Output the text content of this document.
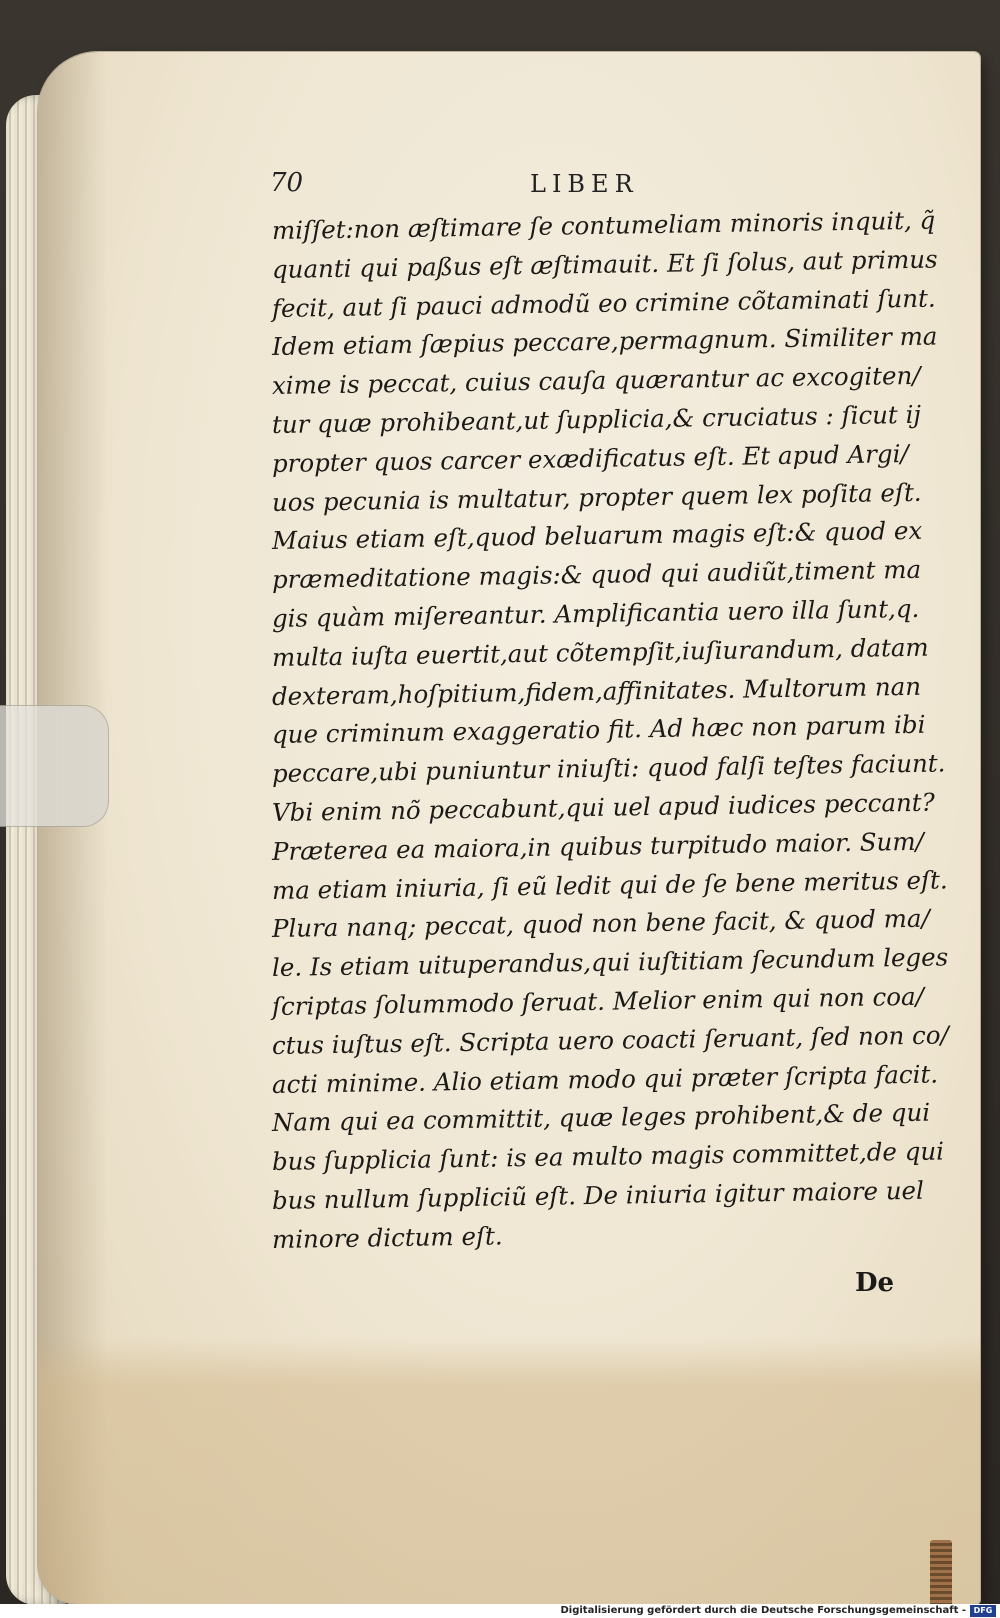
70	LIBER
miſſet:non æſtimare ſe contumeliam minoris inquit, q̃
quanti qui paßus eſt æſtimauit. Et ſi ſolus, aut primus
fecit, aut ſi pauci admodũ eo crimine cõtaminati ſunt.
Idem etiam ſæpius peccare,permagnum. Similiter ma
xime is peccat, cuius cauſa quærantur ac excogiten/
tur quæ prohibeant,ut ſupplicia,& cruciatus : ſicut ij
propter quos carcer exædificatus eſt. Et apud Argi/
uos pecunia is multatur, propter quem lex poſita eſt.
Maius etiam eſt,quod beluarum magis eſt:& quod ex
præmeditatione magis:& quod qui audiũt,timent ma
gis quàm miſereantur. Amplificantia uero illa ſunt,q.
multa iuſta euertit,aut cõtempſit,iuſiurandum, datam
dexteram,hoſpitium,fidem,affinitates. Multorum nan
que criminum exaggeratio fit. Ad hæc non parum ibi
peccare,ubi puniuntur iniuſti: quod falſi teſtes faciunt.
Vbi enim nõ peccabunt,qui uel apud iudices peccant?
Præterea ea maiora,in quibus turpitudo maior. Sum/
ma etiam iniuria, ſi eũ ledit qui de ſe bene meritus eſt.
Plura nanq; peccat, quod non bene facit, & quod ma/
le. Is etiam uituperandus,qui iuſtitiam ſecundum leges
ſcriptas ſolummodo ſeruat. Melior enim qui non coa/
ctus iuſtus eſt. Scripta uero coacti ſeruant, ſed non co/
acti minime. Alio etiam modo qui præter ſcripta facit.
Nam qui ea committit, quæ leges prohibent,& de qui
bus ſupplicia ſunt: is ea multo magis committet,de qui
bus nullum ſuppliciũ eſt. De iniuria igitur maiore uel
minore dictum eſt.
De
Digitalisierung gefördert durch die Deutsche Forschungsgemeinschaft - DFG
